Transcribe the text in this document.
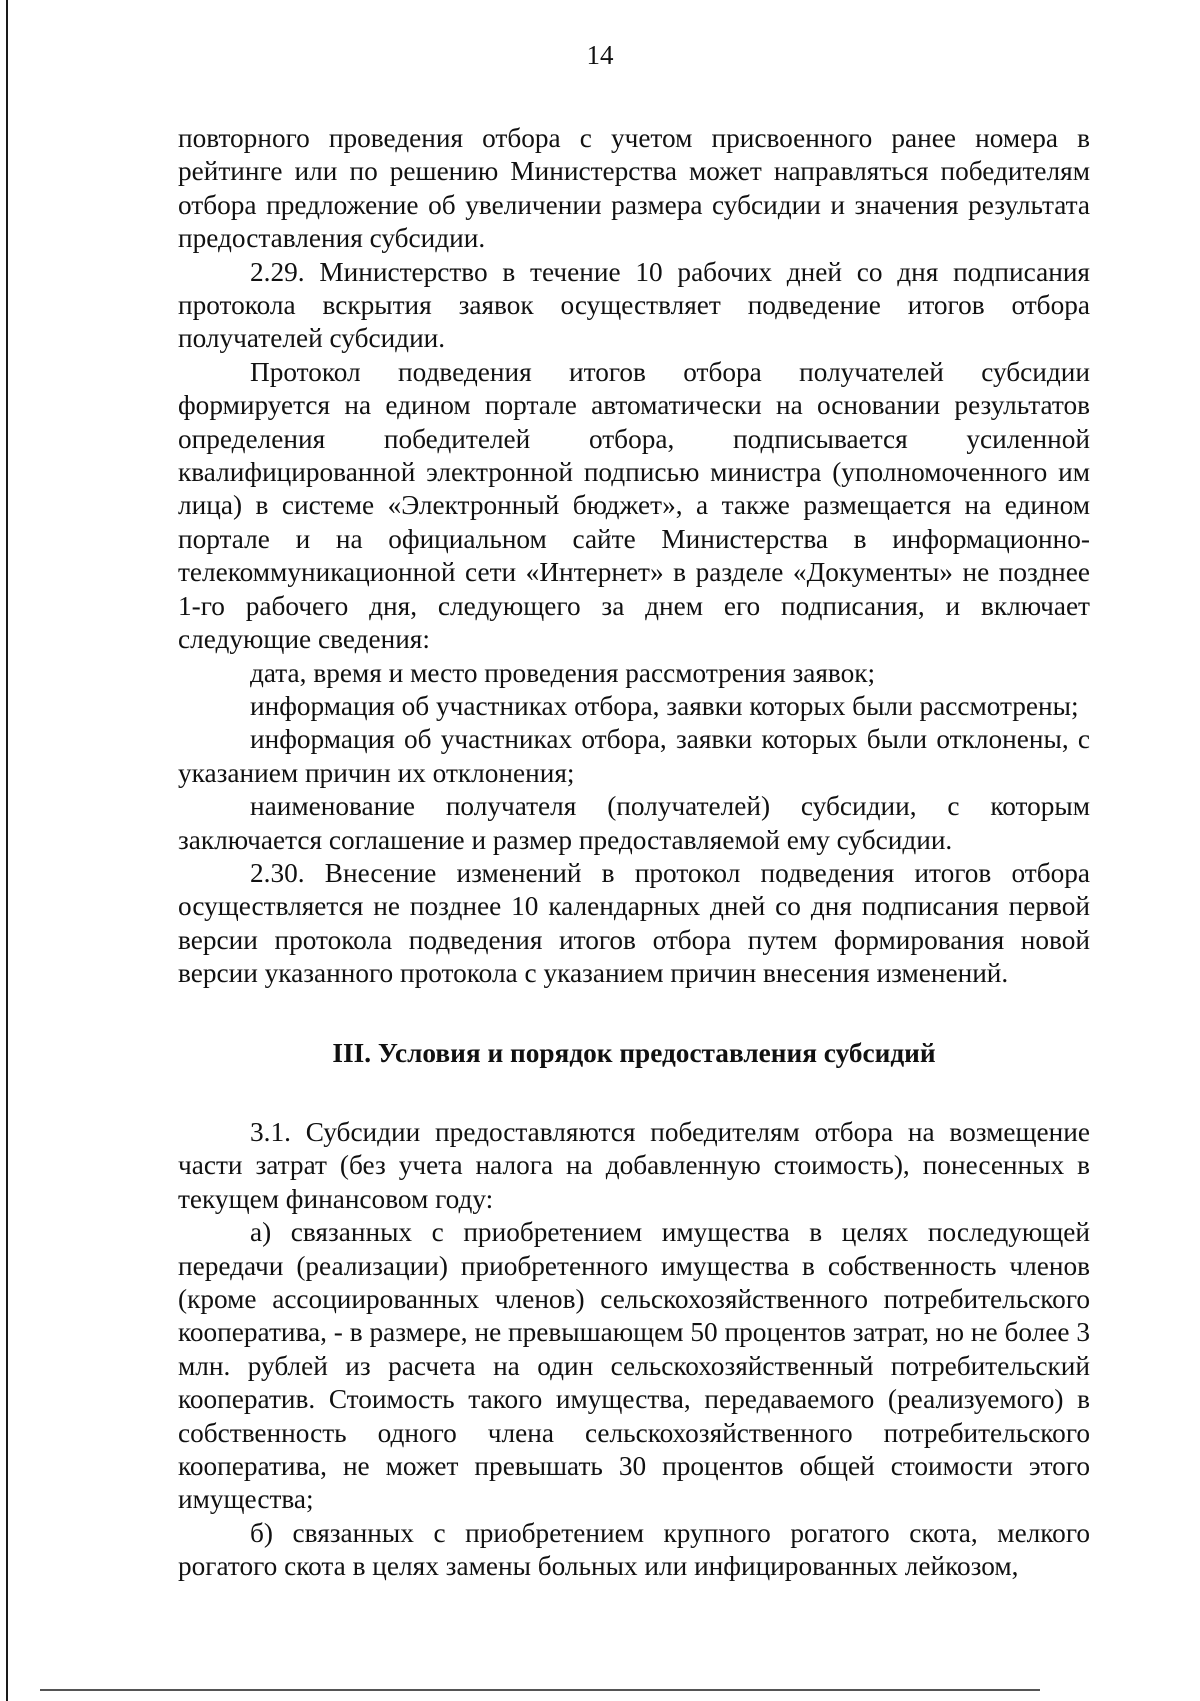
14

повторного проведения отбора с учетом присвоенного ранее номера в рейтинге или по решению Министерства может направляться победителям отбора предложение об увеличении размера субсидии и значения результата предоставления субсидии.

2.29. Министерство в течение 10 рабочих дней со дня подписания протокола вскрытия заявок осуществляет подведение итогов отбора получателей субсидии.

Протокол подведения итогов отбора получателей субсидии формируется на едином портале автоматически на основании результатов определения победителей отбора, подписывается усиленной квалифицированной электронной подписью министра (уполномоченного им лица) в системе «Электронный бюджет», а также размещается на едином портале и на официальном сайте Министерства в информационно-телекоммуникационной сети «Интернет» в разделе «Документы» не позднее 1-го рабочего дня, следующего за днем его подписания, и включает следующие сведения:

дата, время и место проведения рассмотрения заявок;

информация об участниках отбора, заявки которых были рассмотрены;

информация об участниках отбора, заявки которых были отклонены, с указанием причин их отклонения;

наименование получателя (получателей) субсидии, с которым заключается соглашение и размер предоставляемой ему субсидии.

2.30. Внесение изменений в протокол подведения итогов отбора осуществляется не позднее 10 календарных дней со дня подписания первой версии протокола подведения итогов отбора путем формирования новой версии указанного протокола с указанием причин внесения изменений.

III. Условия и порядок предоставления субсидий

3.1. Субсидии предоставляются победителям отбора на возмещение части затрат (без учета налога на добавленную стоимость), понесенных в текущем финансовом году:

а) связанных с приобретением имущества в целях последующей передачи (реализации) приобретенного имущества в собственность членов (кроме ассоциированных членов) сельскохозяйственного потребительского кооператива, - в размере, не превышающем 50 процентов затрат, но не более 3 млн. рублей из расчета на один сельскохозяйственный потребительский кооператив. Стоимость такого имущества, передаваемого (реализуемого) в собственность одного члена сельскохозяйственного потребительского кооператива, не может превышать 30 процентов общей стоимости этого имущества;

б) связанных с приобретением крупного рогатого скота, мелкого рогатого скота в целях замены больных или инфицированных лейкозом,
